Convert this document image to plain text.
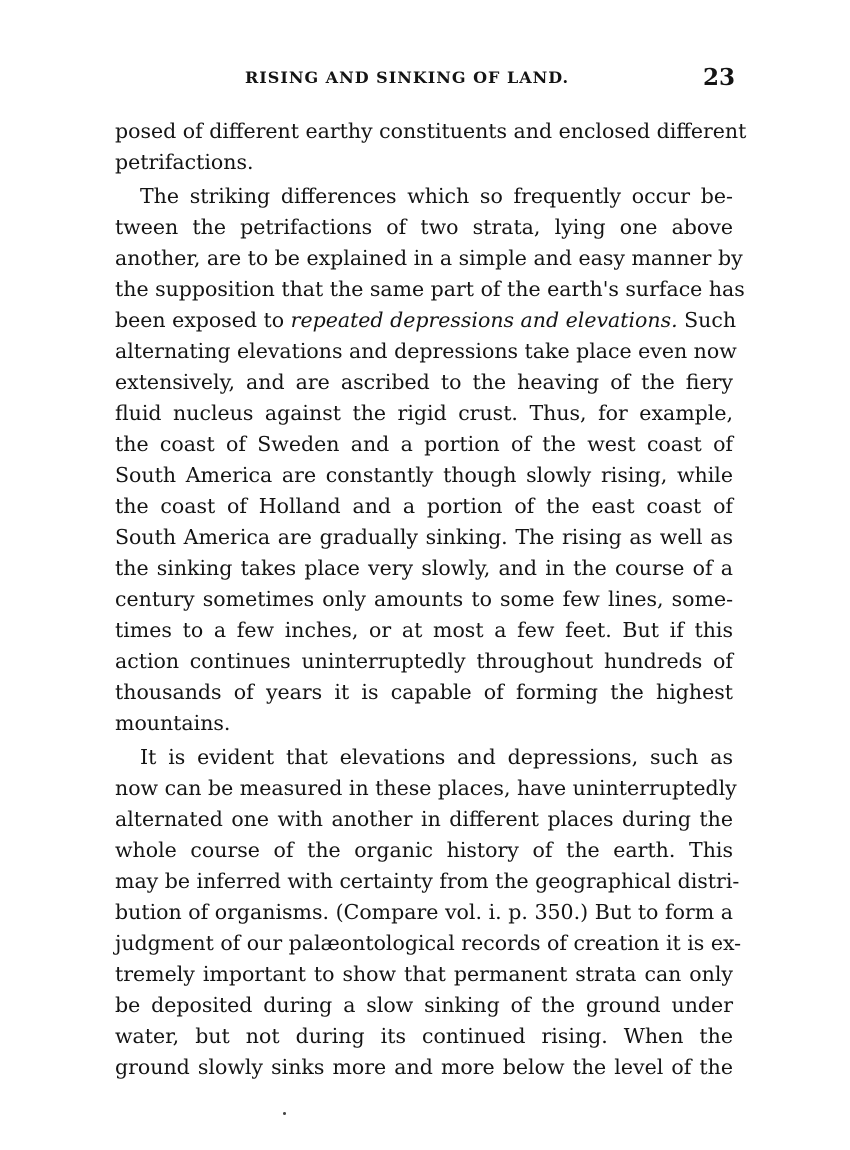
RISING AND SINKING OF LAND.	23
posed of different earthy constituents and enclosed different
petrifactions.
The striking differences which so frequently occur be-
tween the petrifactions of two strata, lying one above
another, are to be explained in a simple and easy manner by
the supposition that the same part of the earth's surface has
been exposed to repeated depressions and elevations. Such
alternating elevations and depressions take place even now
extensively, and are ascribed to the heaving of the fiery
fluid nucleus against the rigid crust. Thus, for example,
the coast of Sweden and a portion of the west coast of
South America are constantly though slowly rising, while
the coast of Holland and a portion of the east coast of
South America are gradually sinking. The rising as well as
the sinking takes place very slowly, and in the course of a
century sometimes only amounts to some few lines, some-
times to a few inches, or at most a few feet. But if this
action continues uninterruptedly throughout hundreds of
thousands of years it is capable of forming the highest
mountains.
It is evident that elevations and depressions, such as
now can be measured in these places, have uninterruptedly
alternated one with another in different places during the
whole course of the organic history of the earth. This
may be inferred with certainty from the geographical distri-
bution of organisms. (Compare vol. i. p. 350.) But to form a
judgment of our palæontological records of creation it is ex-
tremely important to show that permanent strata can only
be deposited during a slow sinking of the ground under
water, but not during its continued rising. When the
ground slowly sinks more and more below the level of the
